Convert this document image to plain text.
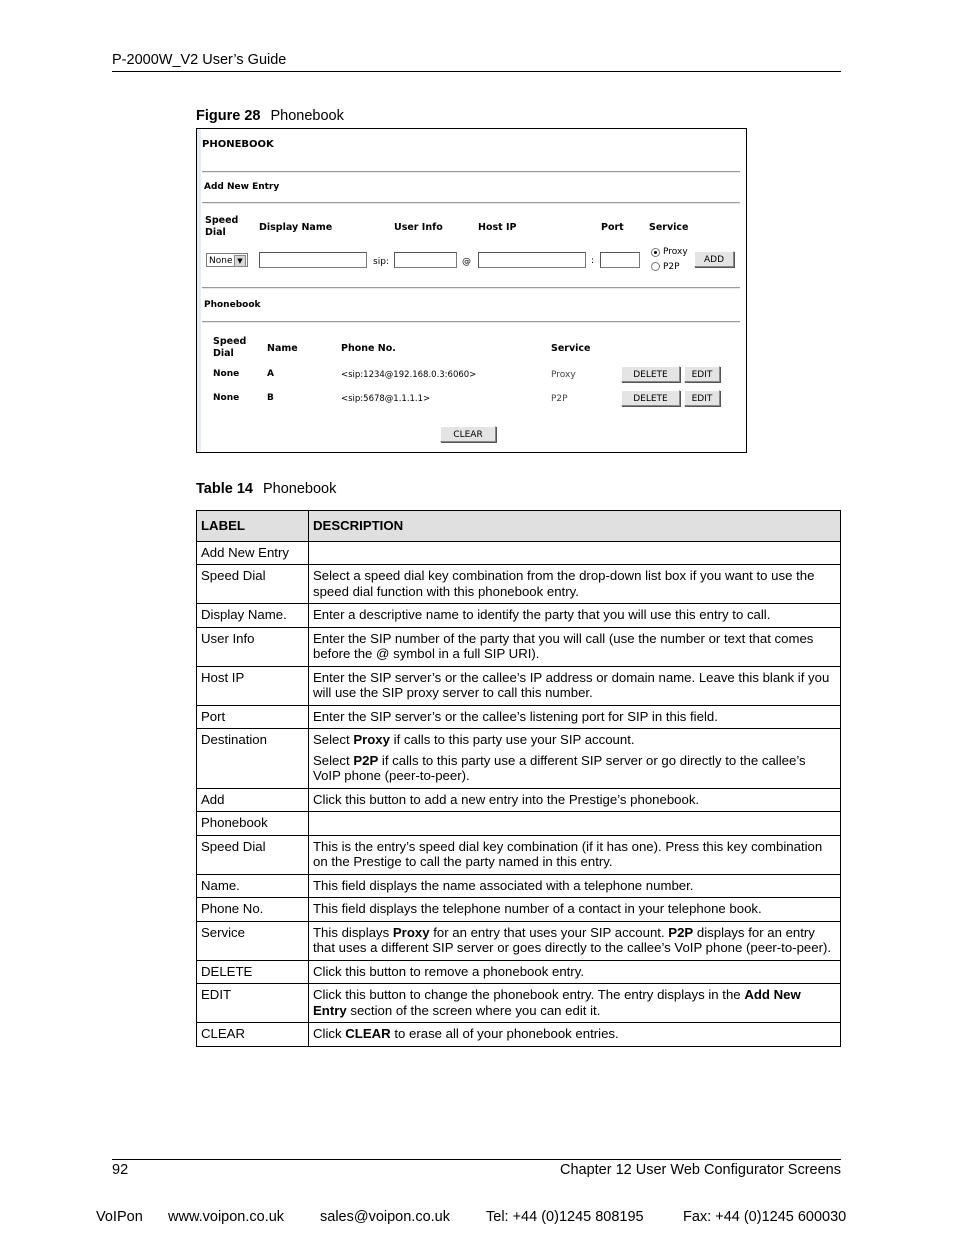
P-2000W_V2 User’s Guide
Figure 28 Phonebook
PHONEBOOK
Add New Entry
Speed
Dial	Display Name	User Info	Host IP	Port	Service
None ▼	sip:	@	:
Proxy
P2P
ADD
Phonebook
Speed
Dial	Name	Phone No.	Service
None	A	<sip:1234@192.168.0.3:6060>	Proxy	DELETE	EDIT
None	B	<sip:5678@1.1.1.1>	P2P	DELETE	EDIT
CLEAR
Table 14 Phonebook
LABEL	DESCRIPTION
Add New Entry	
Speed Dial	Select a speed dial key combination from the drop-down list box if you want to use the speed dial function with this phonebook entry.
Display Name.	Enter a descriptive name to identify the party that you will use this entry to call.
User Info	Enter the SIP number of the party that you will call (use the number or text that comes before the @ symbol in a full SIP URI).
Host IP	Enter the SIP server’s or the callee’s IP address or domain name. Leave this blank if you will use the SIP proxy server to call this number.
Port	Enter the SIP server’s or the callee’s listening port for SIP in this field.
Destination	Select Proxy if calls to this party use your SIP account.

Select P2P if calls to this party use a different SIP server or go directly to the callee’s VoIP phone (peer-to-peer).

Add	Click this button to add a new entry into the Prestige’s phonebook.
Phonebook	
Speed Dial	This is the entry’s speed dial key combination (if it has one). Press this key combination on the Prestige to call the party named in this entry.
Name.	This field displays the name associated with a telephone number.
Phone No.	This field displays the telephone number of a contact in your telephone book.
Service	This displays Proxy for an entry that uses your SIP account. P2P displays for an entry that uses a different SIP server or goes directly to the callee’s VoIP phone (peer-to-peer).
DELETE	Click this button to remove a phonebook entry.
EDIT	Click this button to change the phonebook entry. The entry displays in the Add New Entry section of the screen where you can edit it.
CLEAR	Click CLEAR to erase all of your phonebook entries.
92	Chapter 12 User Web Configurator Screens
VoIPon www.voipon.co.uk sales@voipon.co.uk Tel: +44 (0)1245 808195	Fax: +44 (0)1245 600030
